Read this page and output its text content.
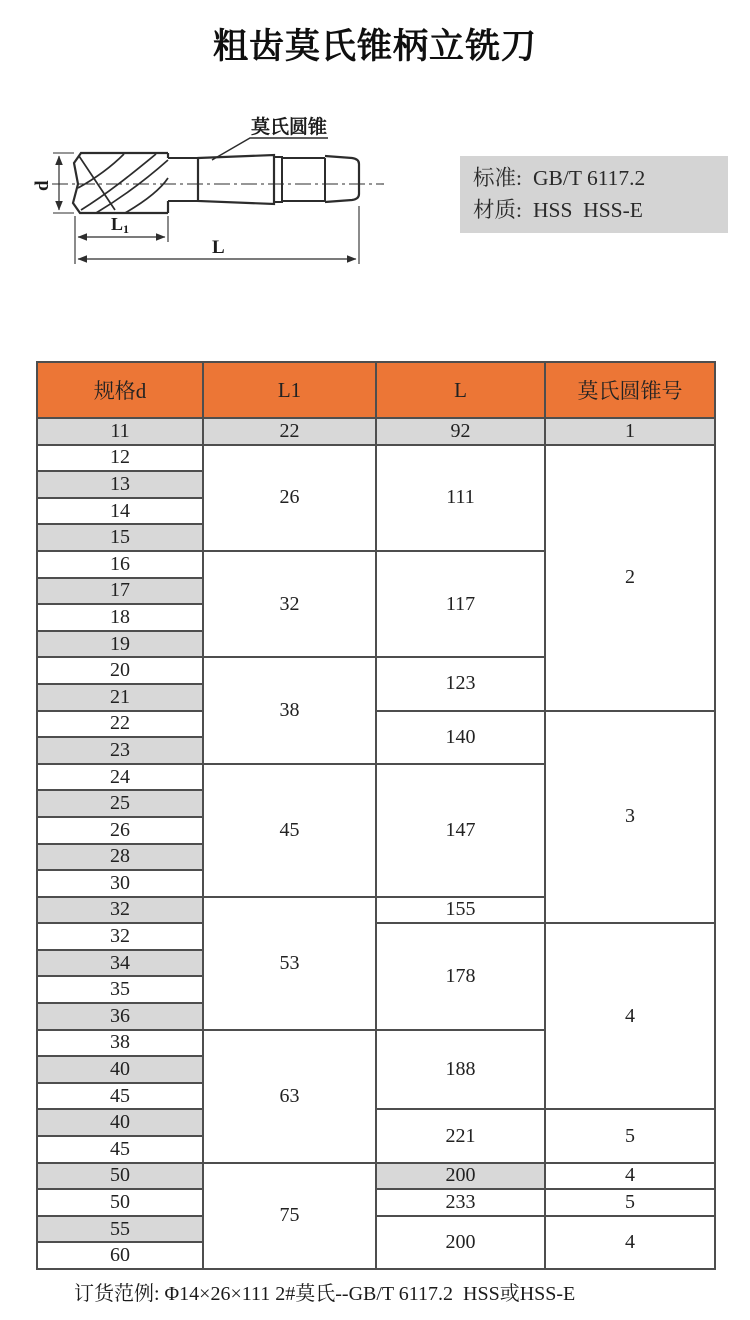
粗齿莫氏锥柄立铣刀
莫氏圆锥
d
L 1
L
标准: GB/T 6117.2
材质: HSS  HSS-E
规格d	L1	L	莫氏圆锥号
11	22	92	1
12	26	111	2
13			
14			
15			
16	32	117	
17			
18			
19			
20	38	123	
21			
22		140	3
23			
24	45	147	
25			
26			
28			
30			
32	53	155	
32		178	4
34			
35			
36			
38	63	188	
40			
45			
40		221	5
45			
50	75	200	4
50		233	5
55		200	4
60			
订货范例: Φ14×26×111 2#莫氏--GB/T 6117.2  HSS或HSS-E
